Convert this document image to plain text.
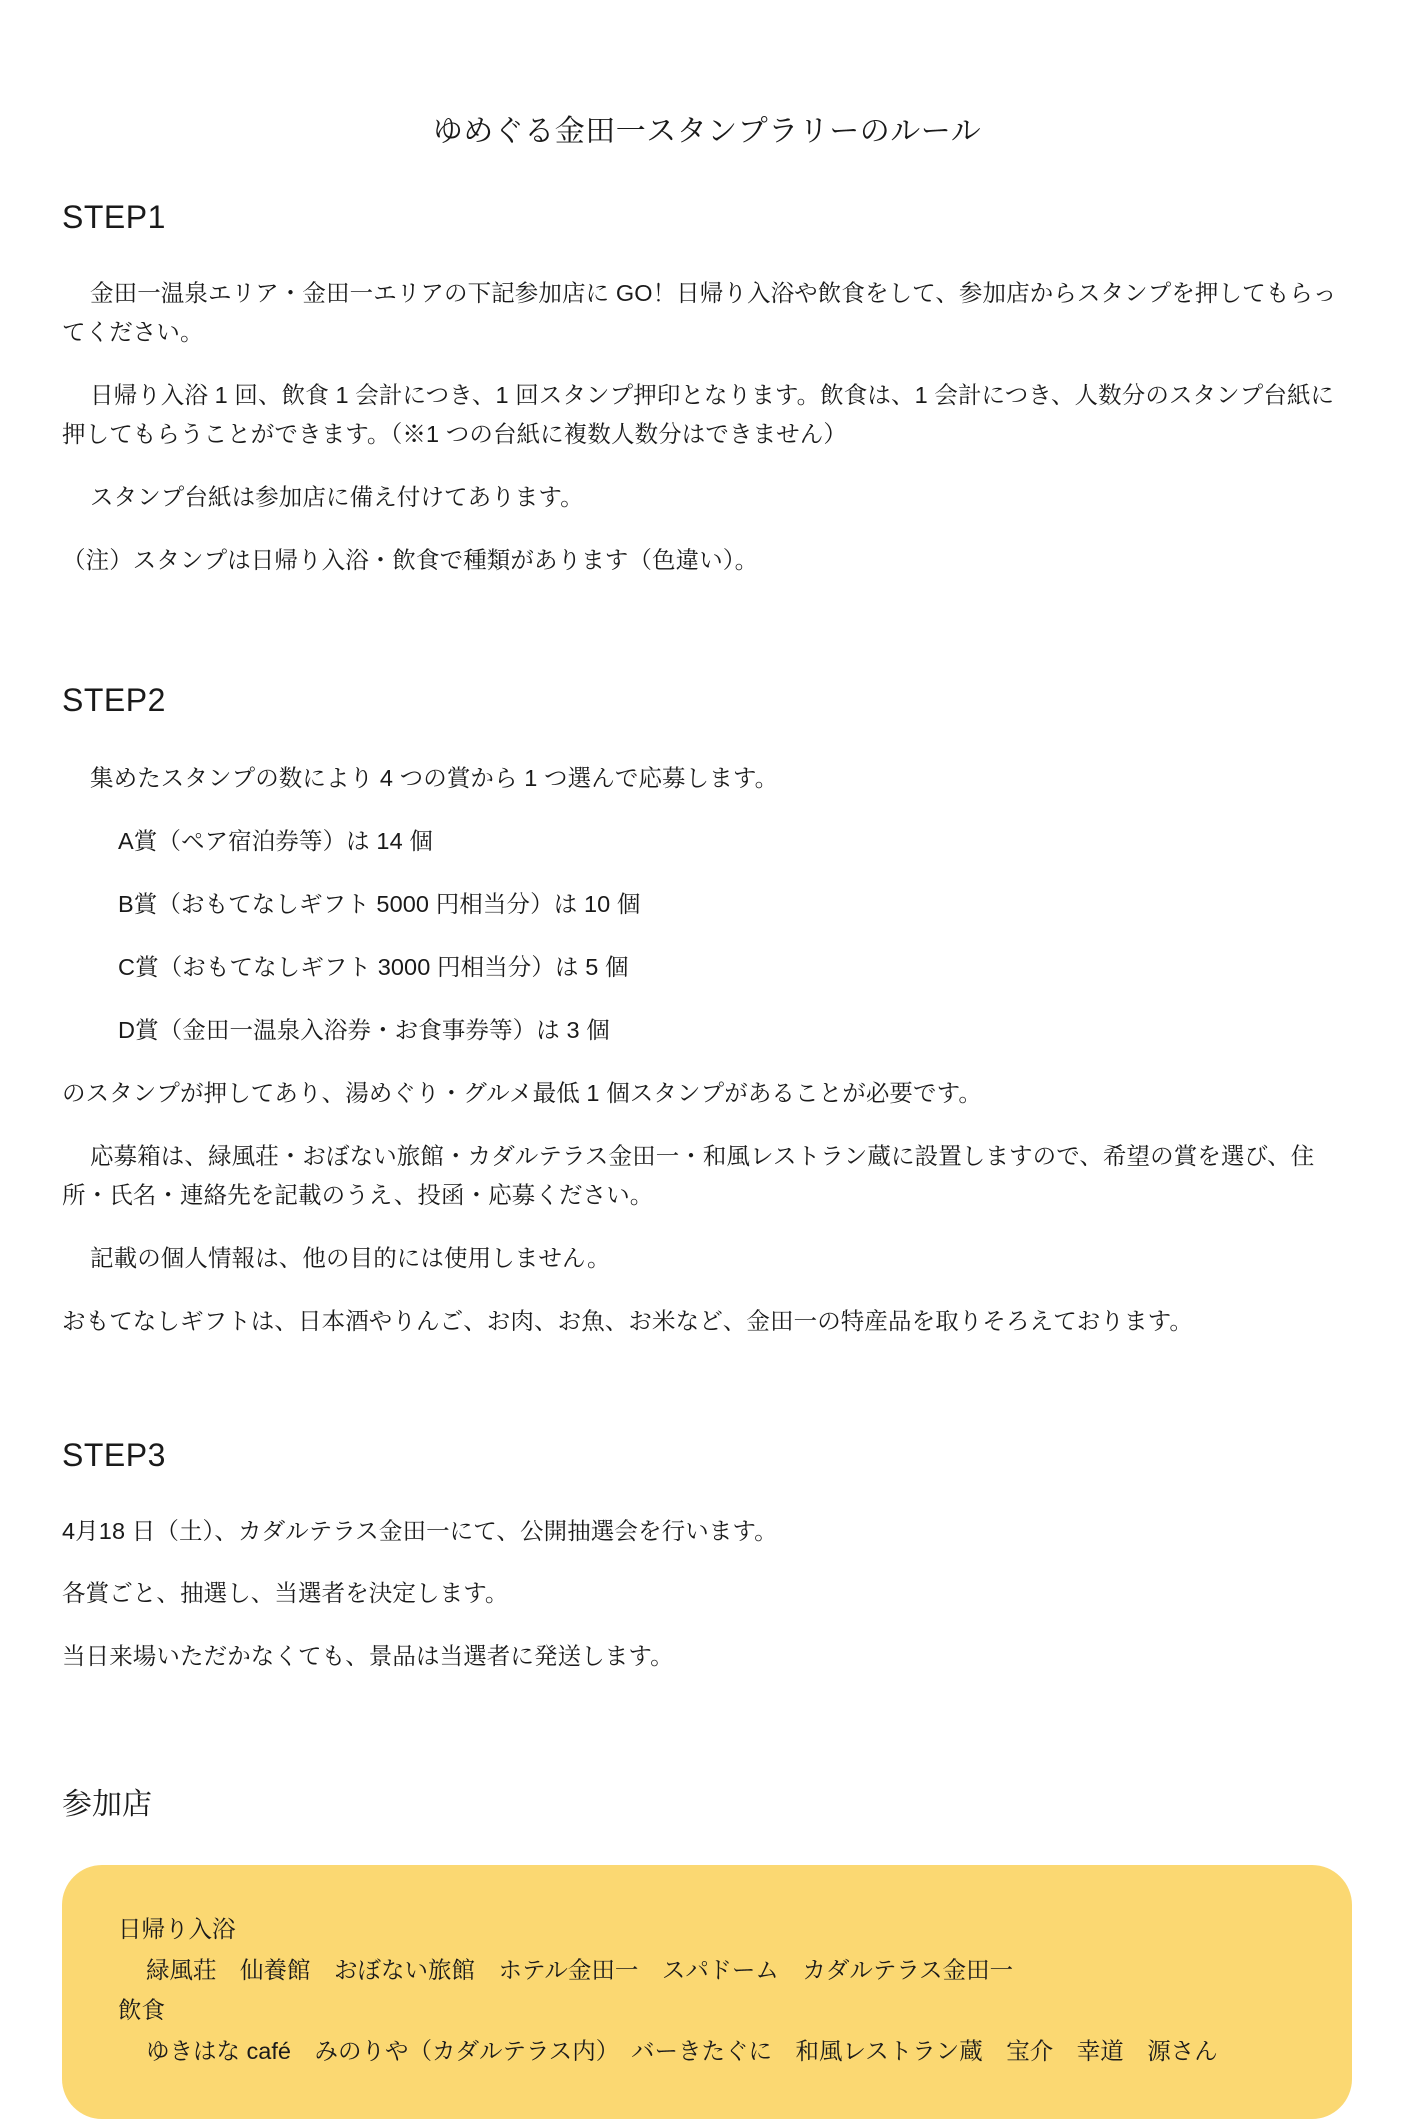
ゆめぐる金田一スタンプラリーのルール
STEP1

金田一温泉エリア・金田一エリアの下記参加店に GO！日帰り入浴や飲食をして、参加店からスタンプを押してもらってください。

日帰り入浴 1 回、飲食 1 会計につき、1 回スタンプ押印となります。飲食は、1 会計につき、人数分のスタンプ台紙に押してもらうことができます。（※1 つの台紙に複数人数分はできません）

スタンプ台紙は参加店に備え付けてあります。

（注）スタンプは日帰り入浴・飲食で種類があります（色違い）。

STEP2

集めたスタンプの数により 4 つの賞から 1 つ選んで応募します。

A賞（ペア宿泊券等）は 14 個

B賞（おもてなしギフト 5000 円相当分）は 10 個

C賞（おもてなしギフト 3000 円相当分）は 5 個

D賞（金田一温泉入浴券・お食事券等）は 3 個

のスタンプが押してあり、湯めぐり・グルメ最低 1 個スタンプがあることが必要です。

応募箱は、緑風荘・おぼない旅館・カダルテラス金田一・和風レストラン蔵に設置しますので、希望の賞を選び、住所・氏名・連絡先を記載のうえ、投函・応募ください。

記載の個人情報は、他の目的には使用しません。

おもてなしギフトは、日本酒やりんご、お肉、お魚、お米など、金田一の特産品を取りそろえております。

STEP3

4月18 日（土）、カダルテラス金田一にて、公開抽選会を行います。

各賞ごと、抽選し、当選者を決定します。

当日来場いただかなくても、景品は当選者に発送します。

参加店

日帰り入浴

緑風荘　仙養館　おぼない旅館　ホテル金田一　スパドーム　カダルテラス金田一

飲食

ゆきはな café　みのりや（カダルテラス内）　バーきたぐに　和風レストラン蔵　宝介　幸道　源さん
